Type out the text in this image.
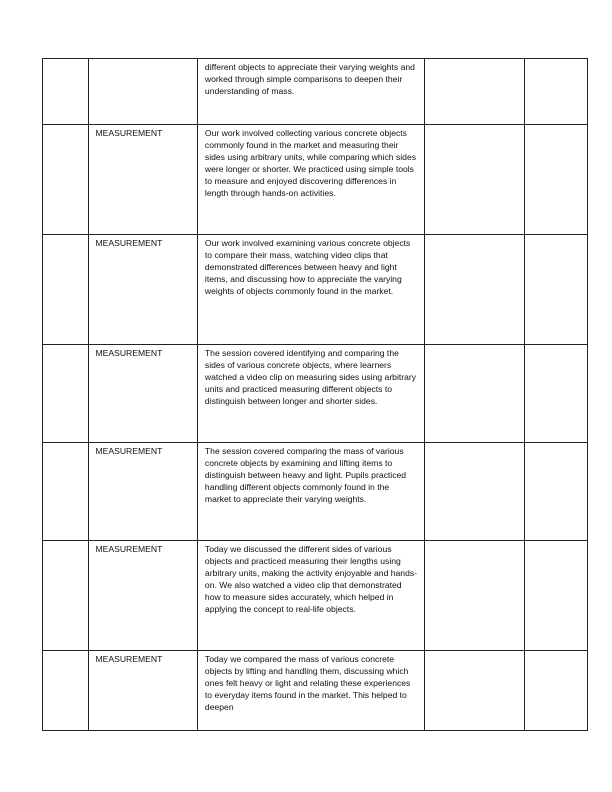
		different objects to appreciate their varying weights and worked through simple comparisons to deepen their understanding of mass.		
	MEASUREMENT	Our work involved collecting various concrete objects commonly found in the market and measuring their sides using arbitrary units, while comparing which sides were longer or shorter. We practiced using simple tools to measure and enjoyed discovering differences in length through hands-on activities.		
	MEASUREMENT	Our work involved examining various concrete objects to compare their mass, watching video clips that demonstrated differences between heavy and light items, and discussing how to appreciate the varying weights of objects commonly found in the market.		
	MEASUREMENT	The session covered identifying and comparing the sides of various concrete objects, where learners watched a video clip on measuring sides using arbitrary units and practiced measuring different objects to distinguish between longer and shorter sides.		
	MEASUREMENT	The session covered comparing the mass of various concrete objects by examining and lifting items to distinguish between heavy and light. Pupils practiced handling different objects commonly found in the market to appreciate their varying weights.		
	MEASUREMENT	Today we discussed the different sides of various objects and practiced measuring their lengths using arbitrary units, making the activity enjoyable and hands-on. We also watched a video clip that demonstrated how to measure sides accurately, which helped in applying the concept to real-life objects.		
	MEASUREMENT	Today we compared the mass of various concrete objects by lifting and handling them, discussing which ones felt heavy or light and relating these experiences to everyday items found in the market. This helped to deepen		
